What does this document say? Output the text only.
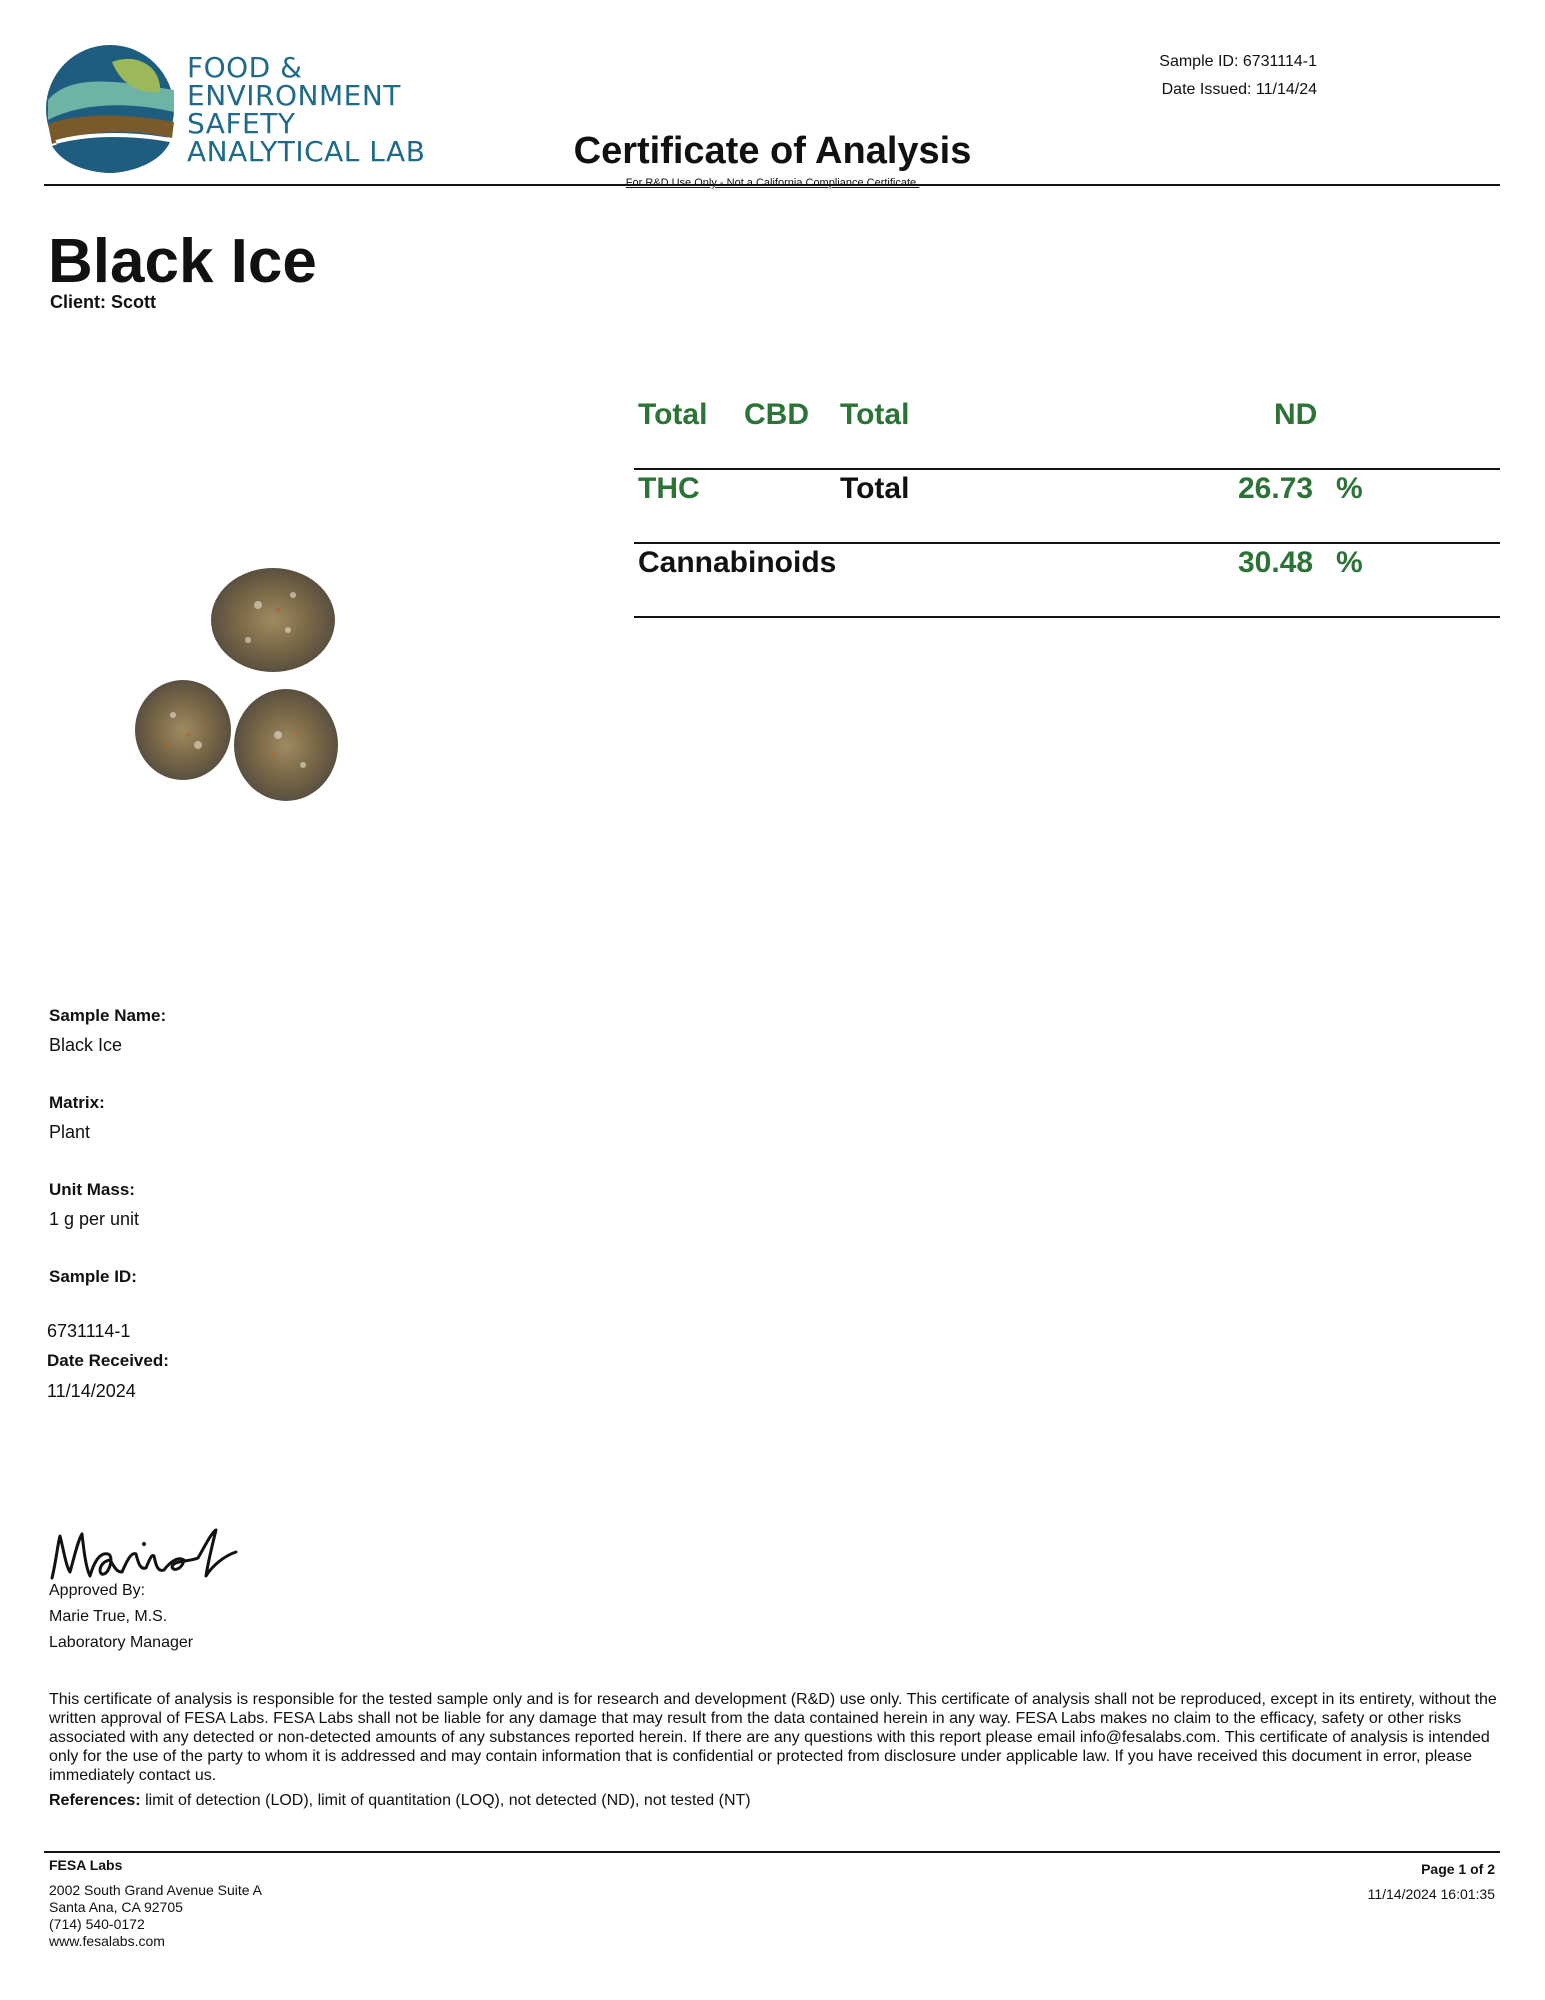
FOOD &
ENVIRONMENT
SAFETY
ANALYTICAL LAB
Sample ID: 6731114-1
Date Issued: 11/14/24
Certificate of Analysis
For R&D Use Only - Not a California Compliance Certificate.
Black Ice
Client: Scott
Total CBD Total	ND
THC	Total	26.73 %
Cannabinoids	30.48 %
Sample Name:
Black Ice
Matrix:
Plant
Unit Mass:
1 g per unit
Sample ID:
6731114-1
Date Received:
11/14/2024
Approved By:
Marie True, M.S.
Laboratory Manager
This certificate of analysis is responsible for the tested sample only and is for research and development (R&D) use only. This certificate of analysis shall not be reproduced, except in its entirety, without the written approval of FESA Labs. FESA Labs shall not be liable for any damage that may result from the data contained herein in any way. FESA Labs makes no claim to the efficacy, safety or other risks associated with any detected or non-detected amounts of any substances reported herein. If there are any questions with this report please email info@fesalabs.com. This certificate of analysis is intended only for the use of the party to whom it is addressed and may contain information that is confidential or protected from disclosure under applicable law. If you have received this document in error, please immediately contact us.
References: limit of detection (LOD), limit of quantitation (LOQ), not detected (ND), not tested (NT)
FESA Labs
2002 South Grand Avenue Suite A
Santa Ana, CA 92705
(714) 540-0172
www.fesalabs.com
Page 1 of 2
11/14/2024 16:01:35
